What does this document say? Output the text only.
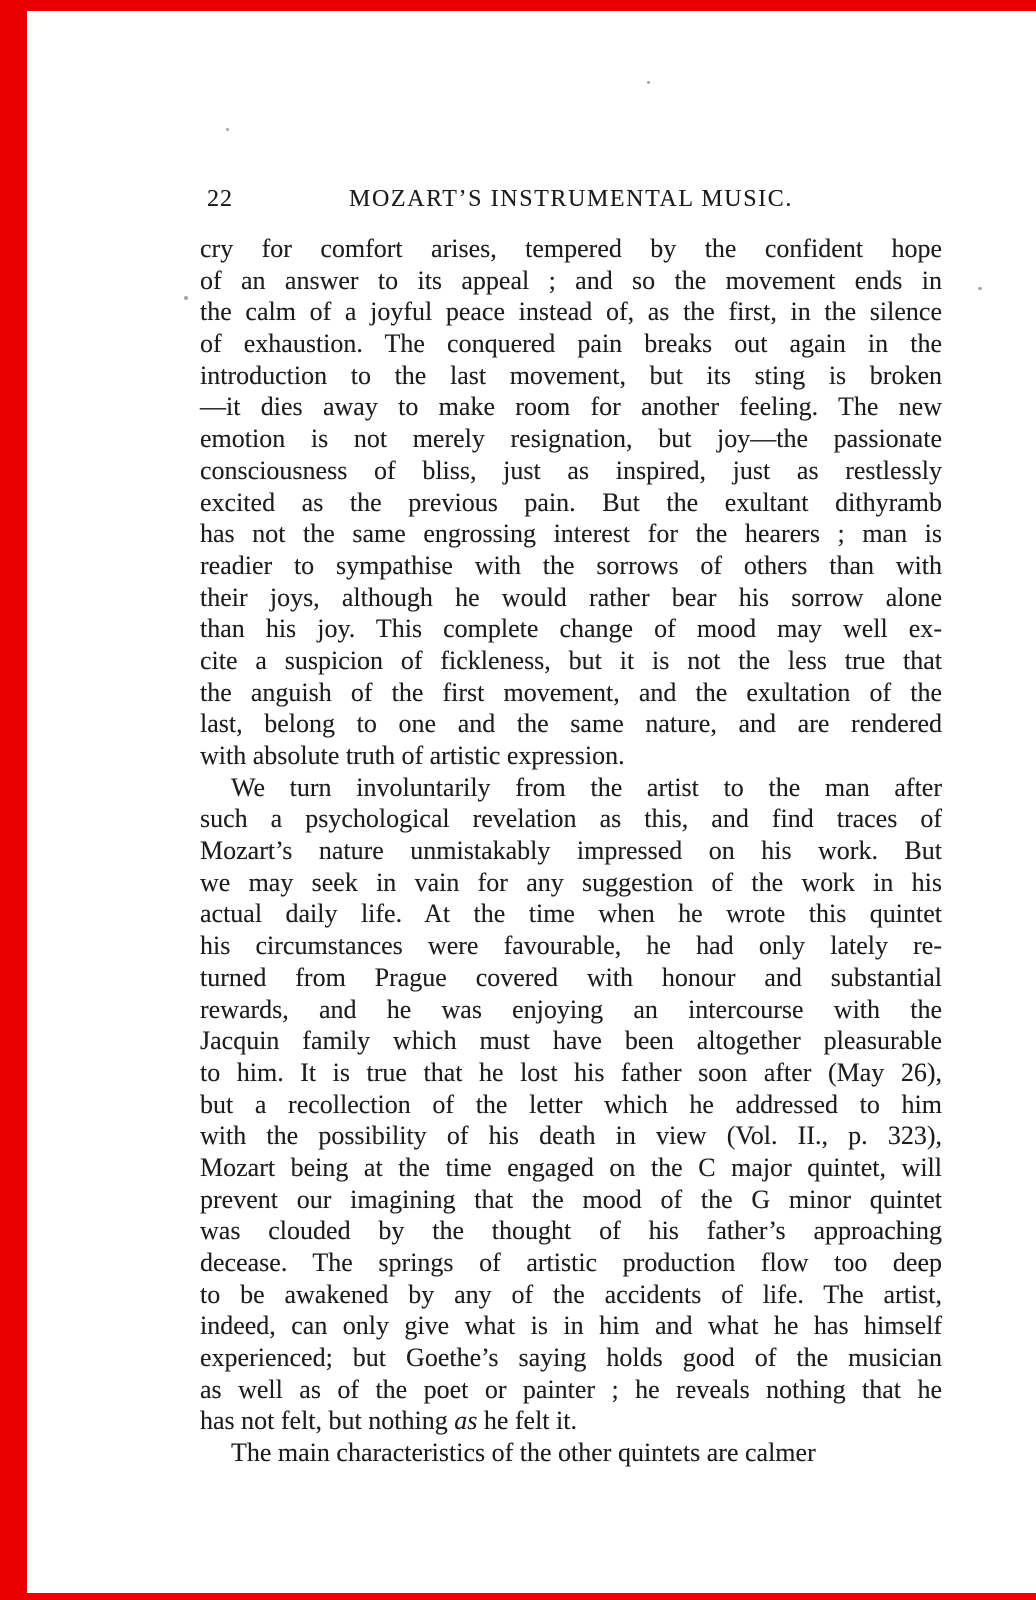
22	MOZART’S INSTRUMENTAL MUSIC.
cry for comfort arises, tempered by the confident hope
of an answer to its appeal ; and so the movement ends in
the calm of a joyful peace instead of, as the first, in the silence
of exhaustion. The conquered pain breaks out again in the
introduction to the last movement, but its sting is broken
—it dies away to make room for another feeling. The new
emotion is not merely resignation, but joy—the passionate
consciousness of bliss, just as inspired, just as restlessly
excited as the previous pain. But the exultant dithyramb
has not the same engrossing interest for the hearers ; man is
readier to sympathise with the sorrows of others than with
their joys, although he would rather bear his sorrow alone
than his joy. This complete change of mood may well ex-
cite a suspicion of fickleness, but it is not the less true that
the anguish of the first movement, and the exultation of the
last, belong to one and the same nature, and are rendered
with absolute truth of artistic expression.
We turn involuntarily from the artist to the man after
such a psychological revelation as this, and find traces of
Mozart’s nature unmistakably impressed on his work. But
we may seek in vain for any suggestion of the work in his
actual daily life. At the time when he wrote this quintet
his circumstances were favourable, he had only lately re-
turned from Prague covered with honour and substantial
rewards, and he was enjoying an intercourse with the
Jacquin family which must have been altogether pleasurable
to him. It is true that he lost his father soon after (May 26),
but a recollection of the letter which he addressed to him
with the possibility of his death in view (Vol. II., p. 323),
Mozart being at the time engaged on the C major quintet, will
prevent our imagining that the mood of the G minor quintet
was clouded by the thought of his father’s approaching
decease. The springs of artistic production flow too deep
to be awakened by any of the accidents of life. The artist,
indeed, can only give what is in him and what he has himself
experienced; but Goethe’s saying holds good of the musician
as well as of the poet or painter ; he reveals nothing that he
has not felt, but nothing as he felt it.
The main characteristics of the other quintets are calmer
